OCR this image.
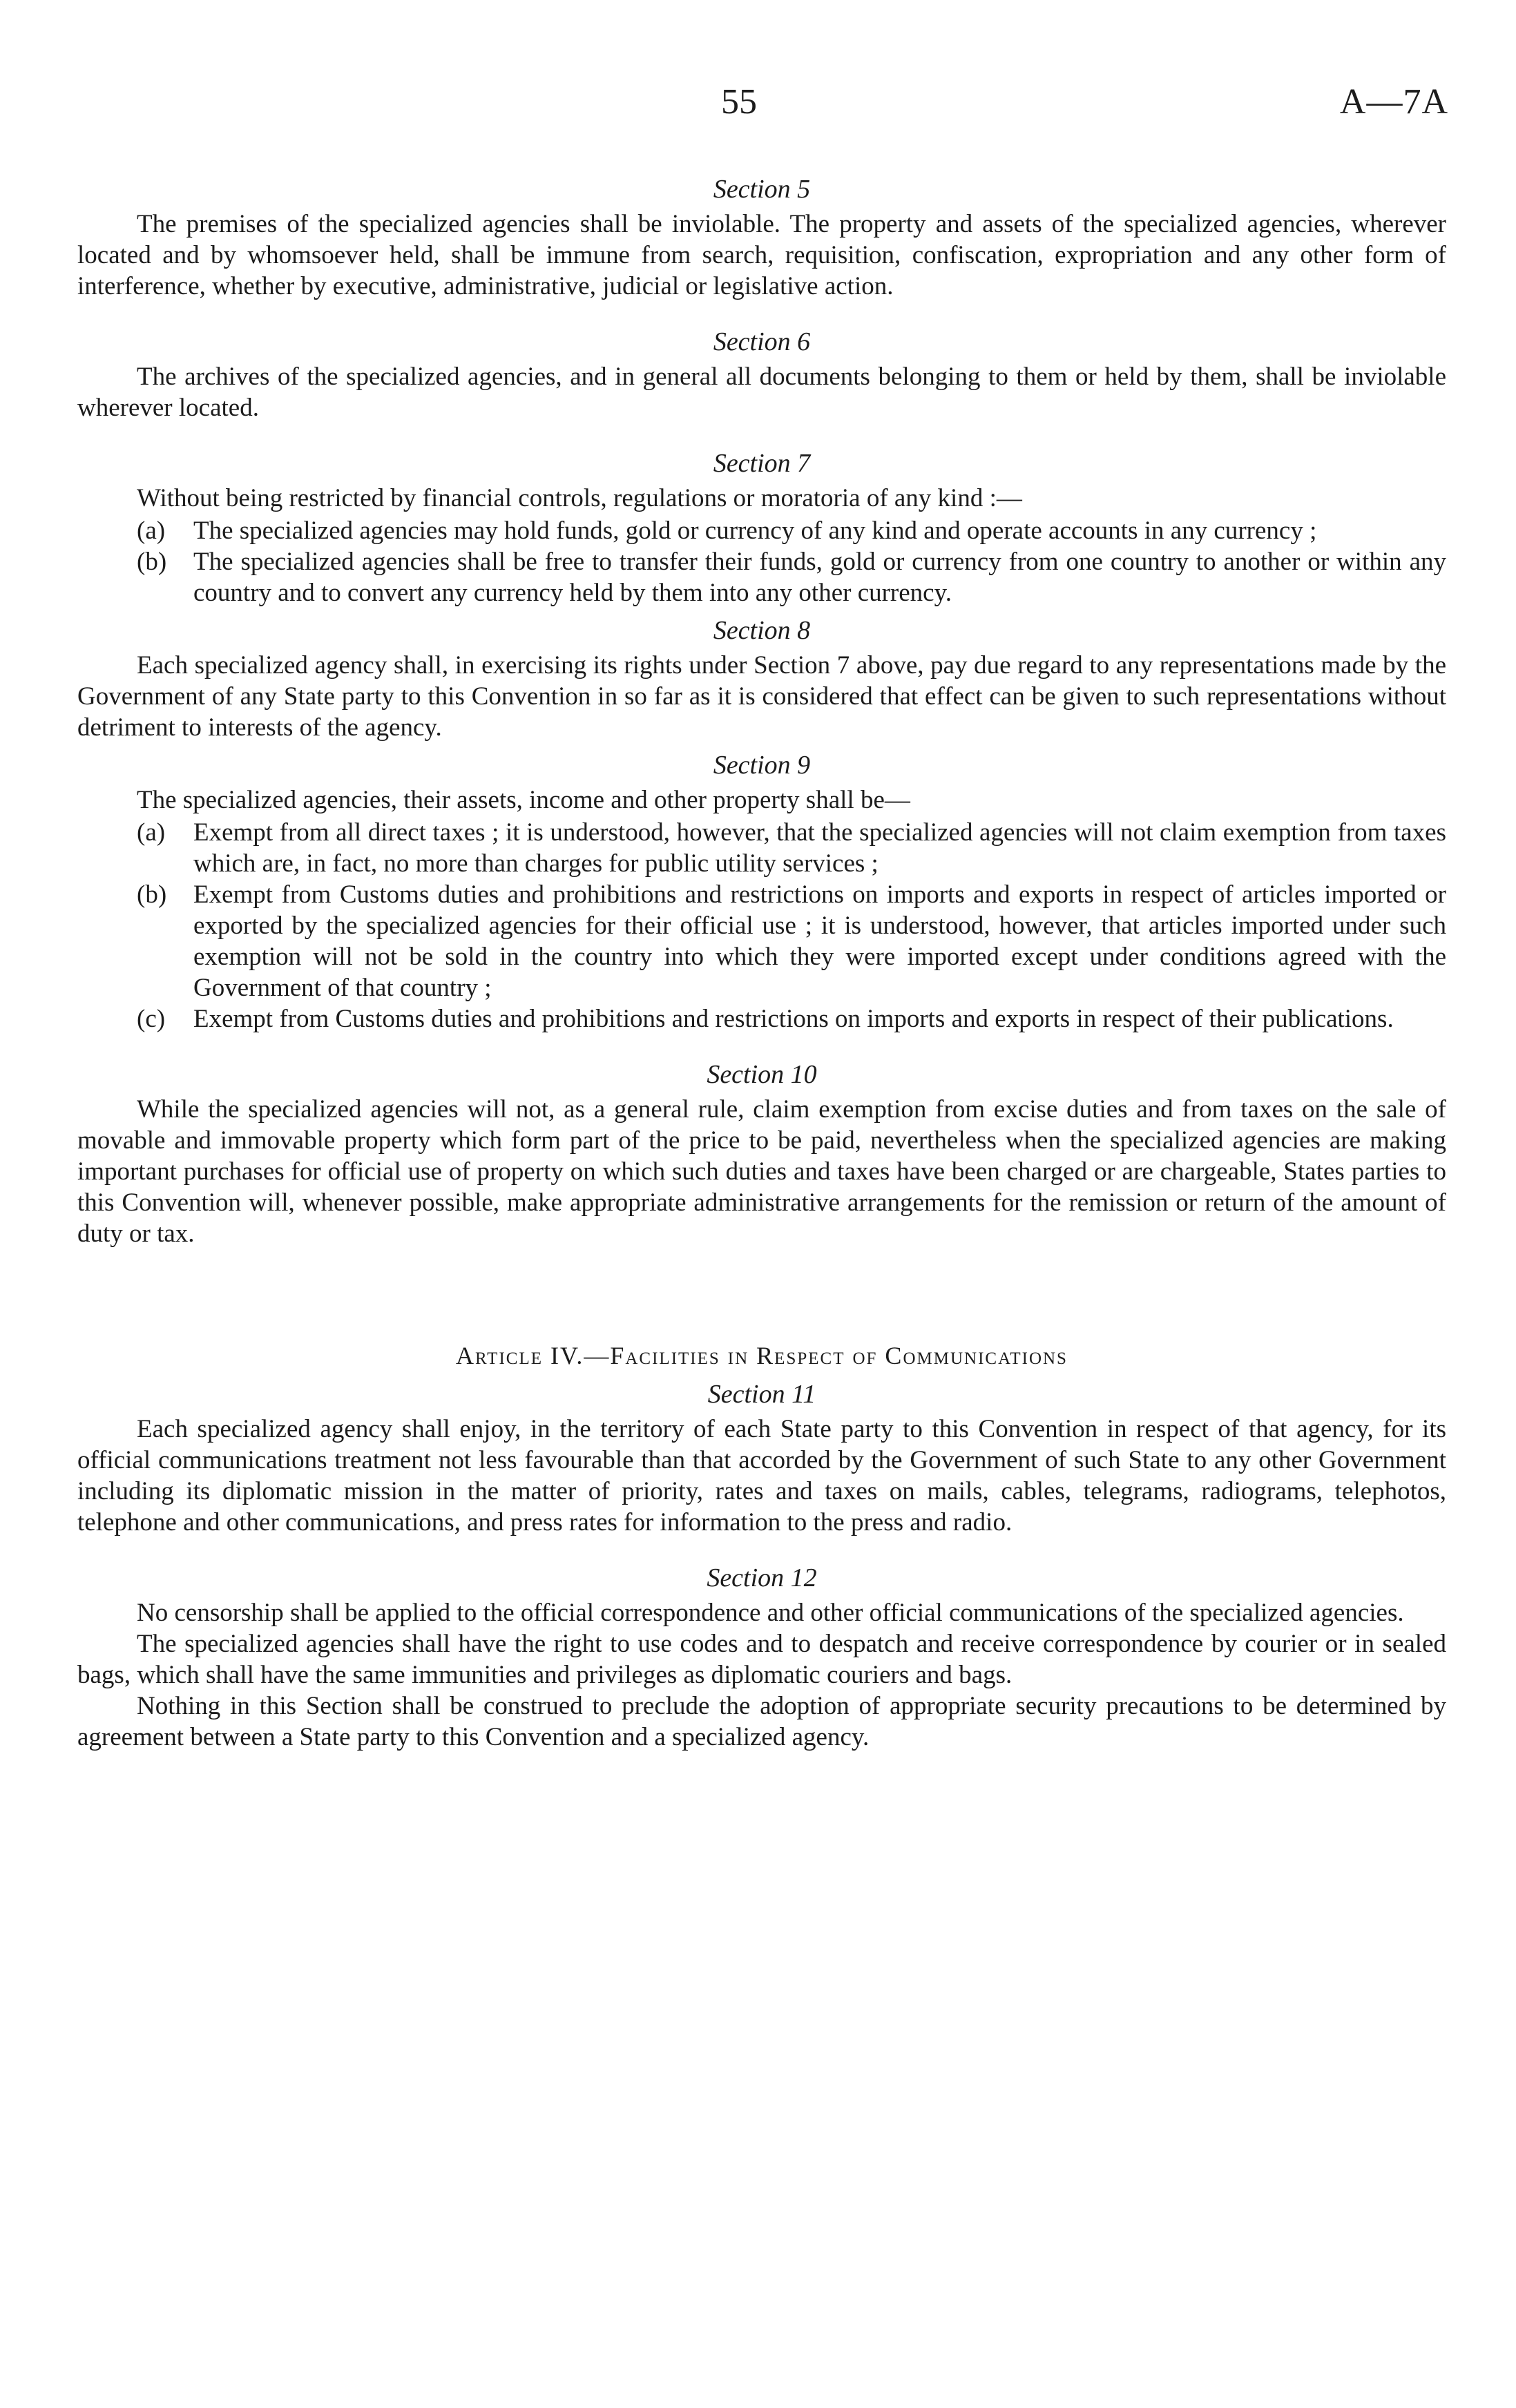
55	A—7A
Section 5

The premises of the specialized agencies shall be inviolable. The property and assets of the specialized agencies, wherever located and by whomsoever held, shall be immune from search, requisition, confiscation, expropriation and any other form of interference, whether by executive, administrative, judicial or legislative action.

Section 6

The archives of the specialized agencies, and in general all documents belonging to them or held by them, shall be inviolable wherever located.

Section 7

Without being restricted by financial controls, regulations or moratoria of any kind :—

(a) The specialized agencies may hold funds, gold or currency of any kind and operate accounts in any currency ;
(b) The specialized agencies shall be free to transfer their funds, gold or currency from one country to another or within any country and to convert any currency held by them into any other currency.
Section 8

Each specialized agency shall, in exercising its rights under Section 7 above, pay due regard to any representations made by the Government of any State party to this Convention in so far as it is considered that effect can be given to such representations without detriment to interests of the agency.

Section 9

The specialized agencies, their assets, income and other property shall be—

(a) Exempt from all direct taxes ; it is understood, however, that the specialized agencies will not claim exemption from taxes which are, in fact, no more than charges for public utility services ;
(b) Exempt from Customs duties and prohibitions and restrictions on imports and exports in respect of articles imported or exported by the specialized agencies for their official use ; it is understood, however, that articles imported under such exemption will not be sold in the country into which they were imported except under conditions agreed with the Government of that country ;
(c) Exempt from Customs duties and prohibitions and restrictions on imports and exports in respect of their publications.
Section 10

While the specialized agencies will not, as a general rule, claim exemption from excise duties and from taxes on the sale of movable and immovable property which form part of the price to be paid, nevertheless when the specialized agencies are making important purchases for official use of property on which such duties and taxes have been charged or are chargeable, States parties to this Convention will, whenever possible, make appropriate administrative arrangements for the remission or return of the amount of duty or tax.

Article IV.—Facilities in Respect of Communications
Section 11

Each specialized agency shall enjoy, in the territory of each State party to this Convention in respect of that agency, for its official communications treatment not less favourable than that accorded by the Government of such State to any other Government including its diplomatic mission in the matter of priority, rates and taxes on mails, cables, telegrams, radiograms, telephotos, telephone and other communications, and press rates for information to the press and radio.

Section 12

No censorship shall be applied to the official correspondence and other official communications of the specialized agencies.

The specialized agencies shall have the right to use codes and to despatch and receive correspondence by courier or in sealed bags, which shall have the same immunities and privileges as diplomatic couriers and bags.

Nothing in this Section shall be construed to preclude the adoption of appropriate security precautions to be determined by agreement between a State party to this Convention and a specialized agency.
